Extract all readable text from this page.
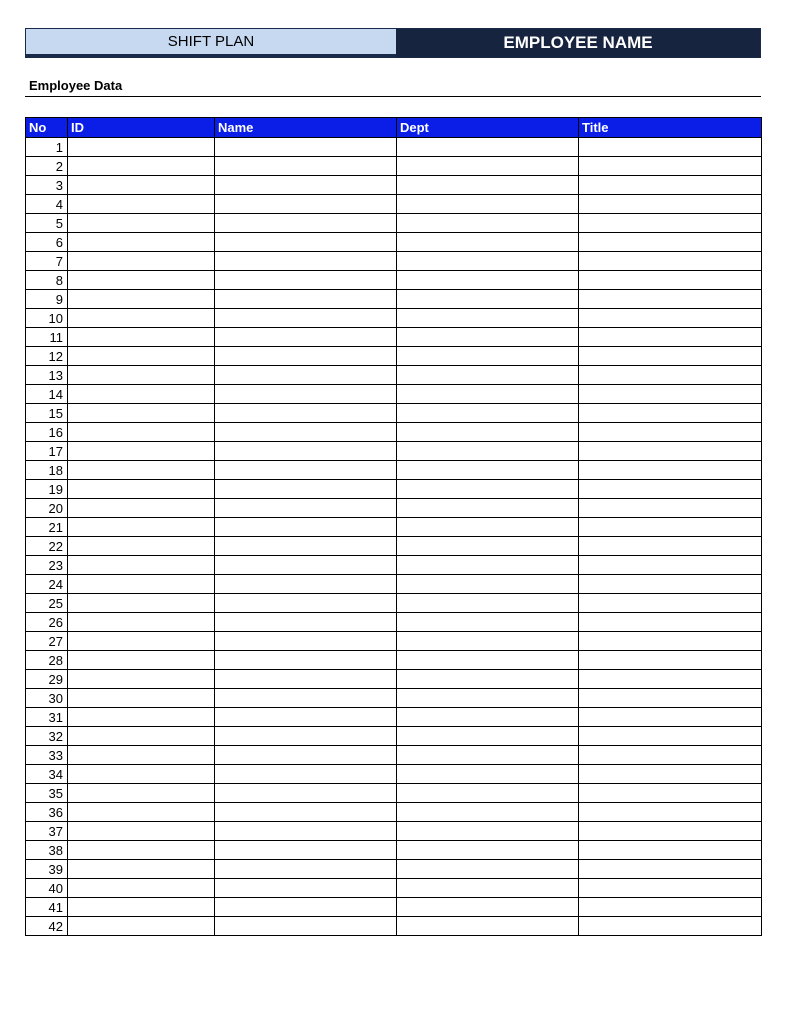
SHIFT PLAN	EMPLOYEE NAME
Employee Data
No	ID	Name	Dept	Title
1				
2				
3				
4				
5				
6				
7				
8				
9				
10				
11				
12				
13				
14				
15				
16				
17				
18				
19				
20				
21				
22				
23				
24				
25				
26				
27				
28				
29				
30				
31				
32				
33				
34				
35				
36				
37				
38				
39				
40				
41				
42				
